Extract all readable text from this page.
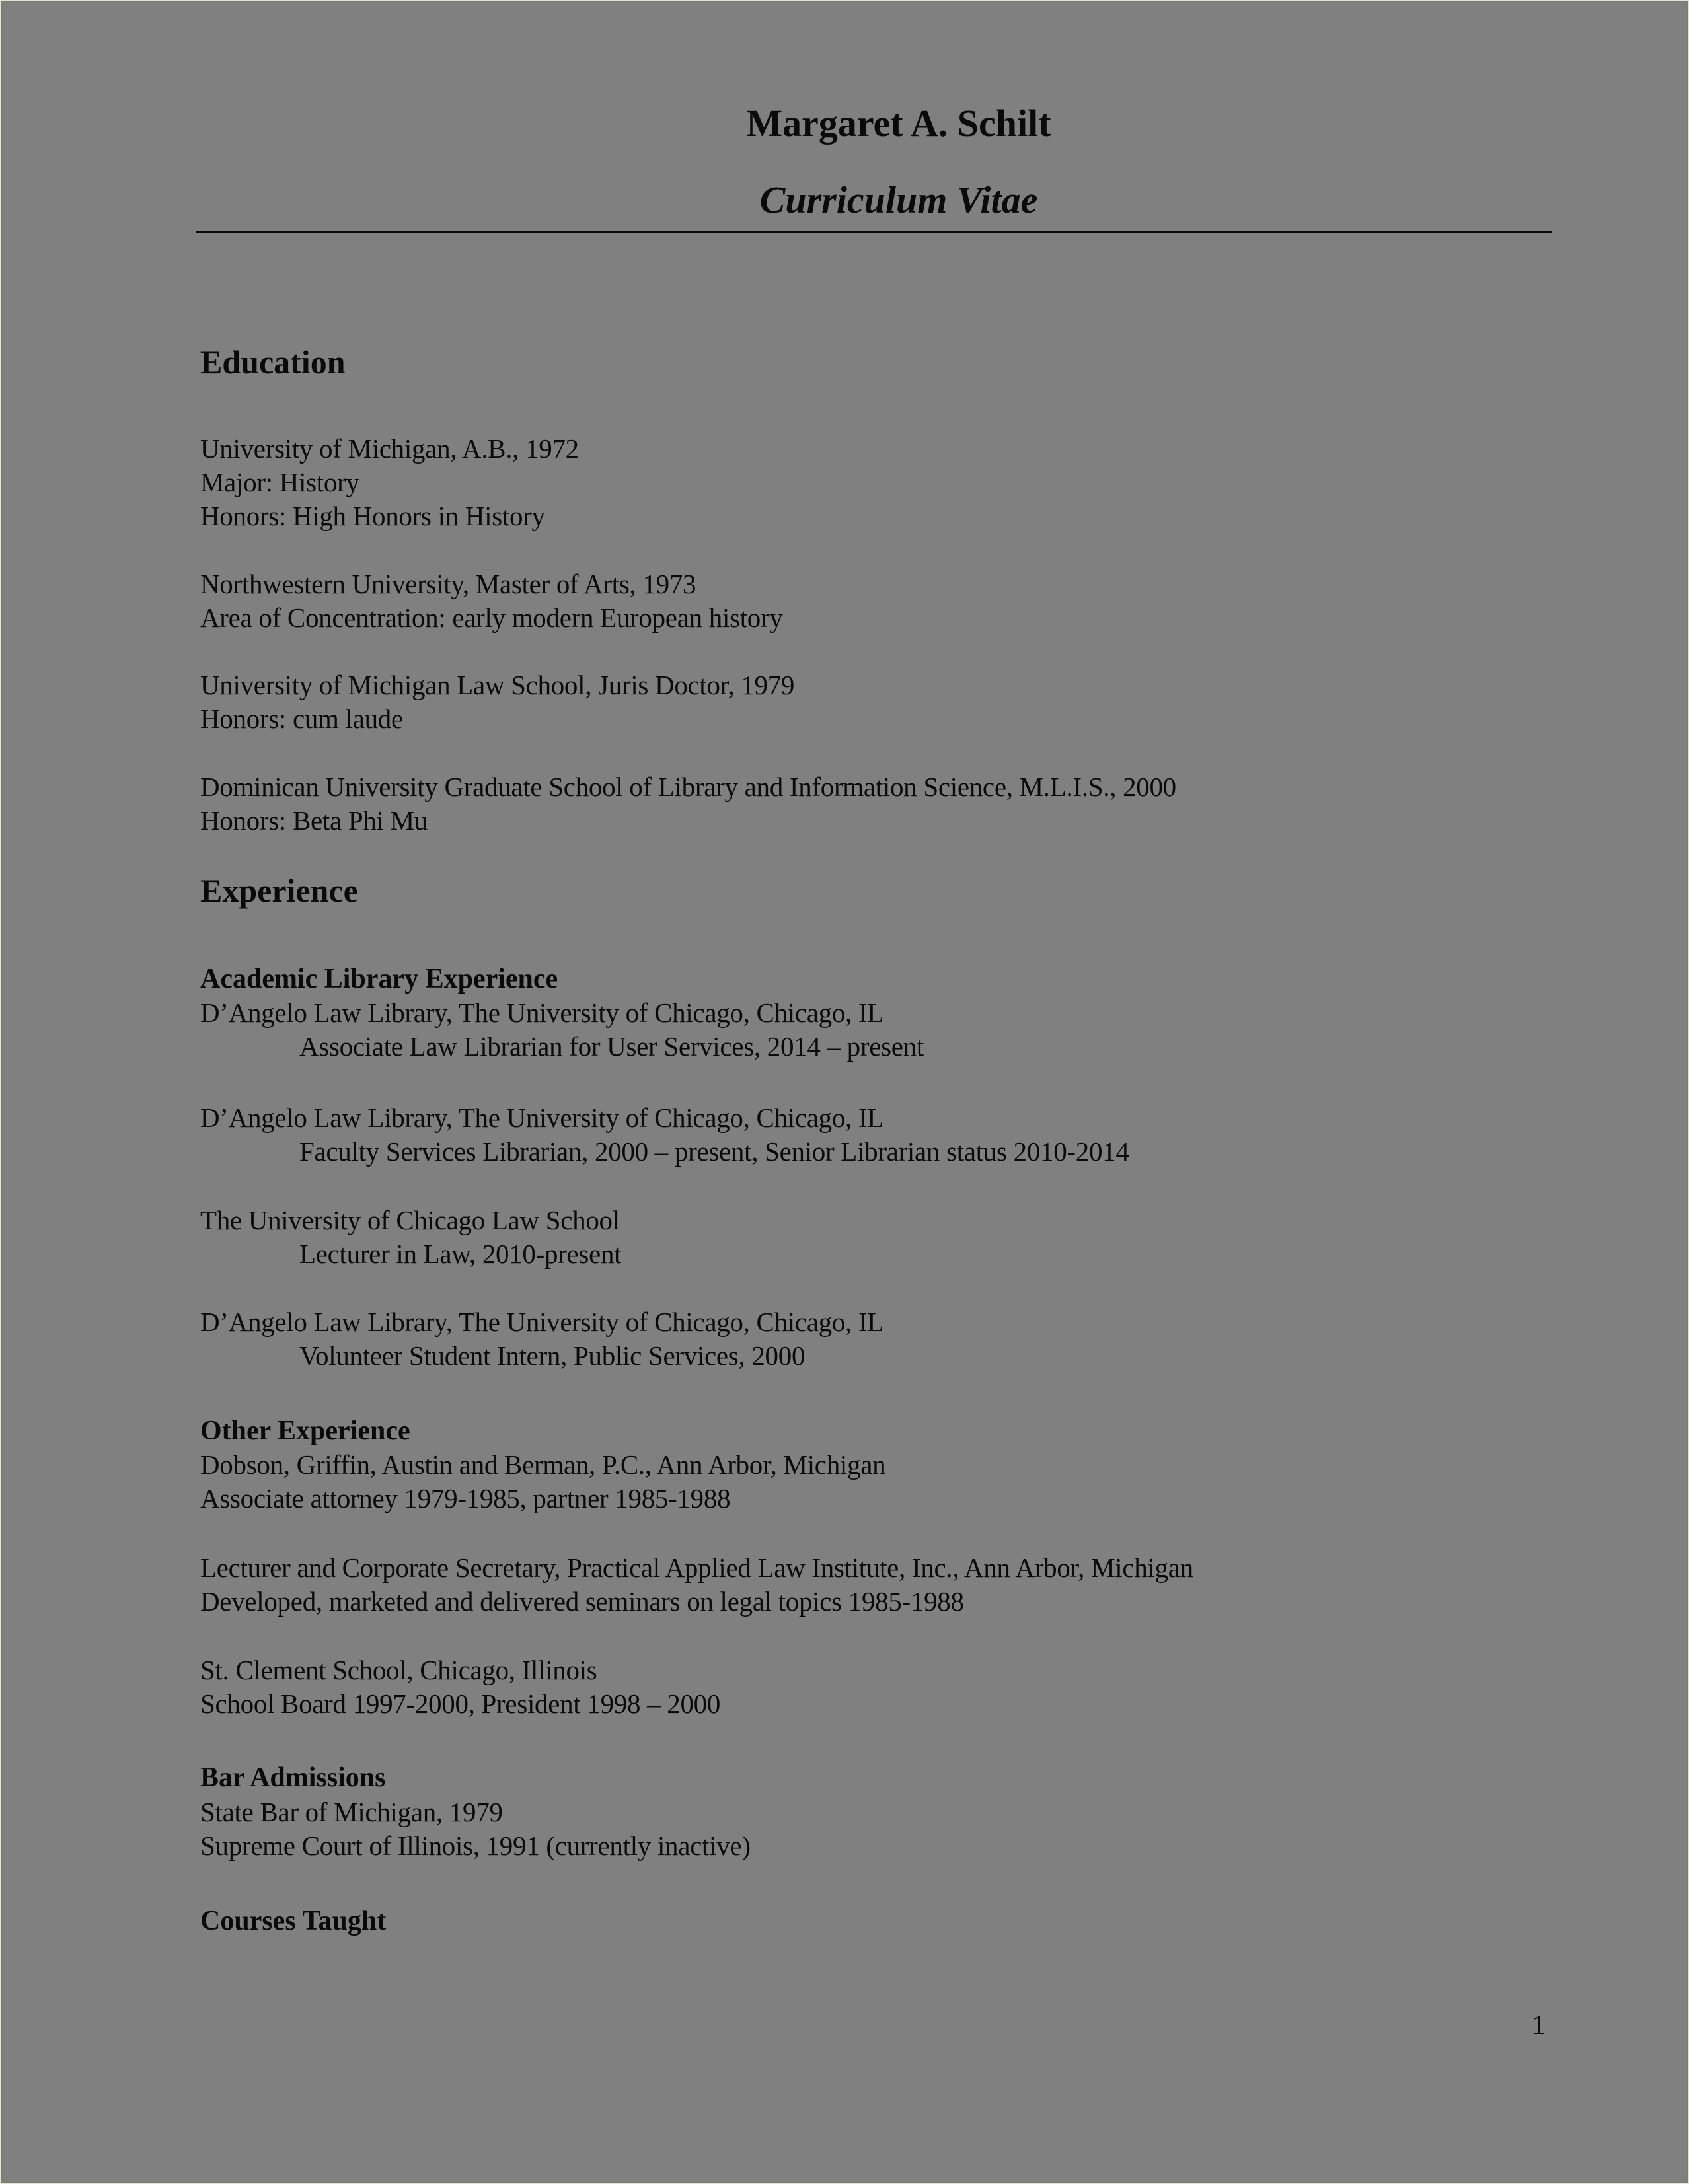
Margaret A. Schilt
Curriculum Vitae
Education
University of Michigan, A.B., 1972
Major: History
Honors: High Honors in History
Northwestern University, Master of Arts, 1973
Area of Concentration: early modern European history
University of Michigan Law School, Juris Doctor, 1979
Honors: cum laude
Dominican University Graduate School of Library and Information Science, M.L.I.S., 2000
Honors: Beta Phi Mu
Experience
Academic Library Experience
D’Angelo Law Library, The University of Chicago, Chicago, IL
Associate Law Librarian for User Services, 2014 – present
D’Angelo Law Library, The University of Chicago, Chicago, IL
Faculty Services Librarian, 2000 – present, Senior Librarian status 2010-2014
The University of Chicago Law School
Lecturer in Law, 2010-present
D’Angelo Law Library, The University of Chicago, Chicago, IL
Volunteer Student Intern, Public Services, 2000
Other Experience
Dobson, Griffin, Austin and Berman, P.C., Ann Arbor, Michigan
Associate attorney 1979-1985, partner 1985-1988
Lecturer and Corporate Secretary, Practical Applied Law Institute, Inc., Ann Arbor, Michigan
Developed, marketed and delivered seminars on legal topics 1985-1988
St. Clement School, Chicago, Illinois
School Board 1997-2000, President 1998 – 2000
Bar Admissions
State Bar of Michigan, 1979
Supreme Court of Illinois, 1991 (currently inactive)
Courses Taught
1
